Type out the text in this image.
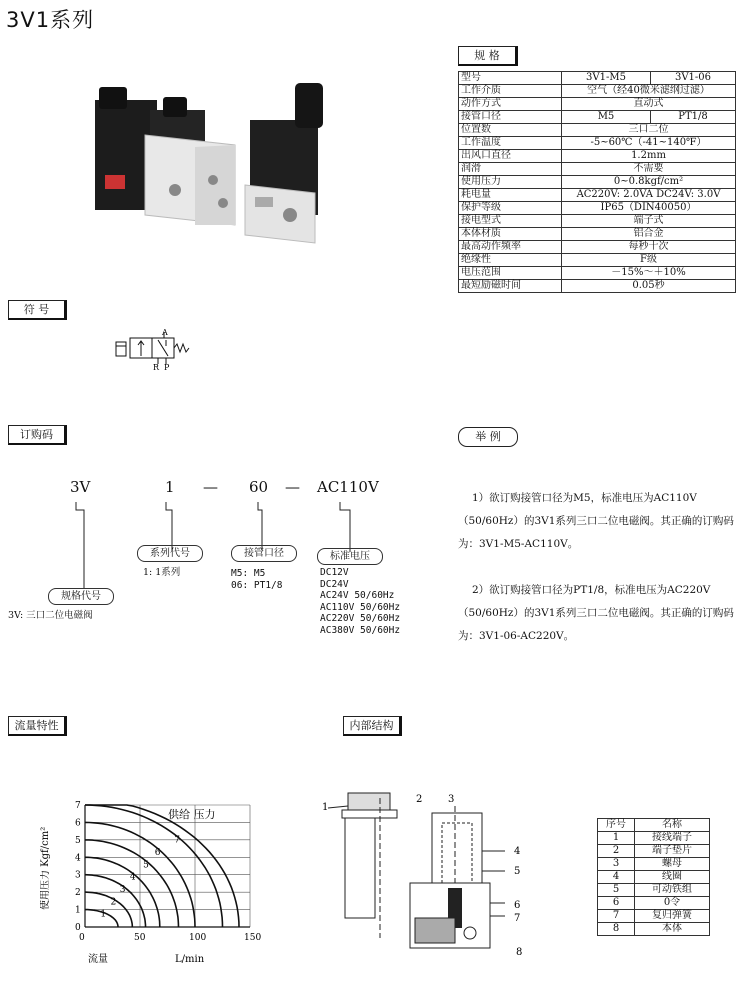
3V1系列
规 格
型号	3V1-M5	3V1-06
工作介质	空气（经40微米滤纲过滤）	
动作方式	直动式	
接管口径	M5	PT1/8
位置数	三口二位	
工作温度	-5~60℃（-41~140℉）	
出风口直径	1.2mm	
润滑	不需要	
使用压力	0~0.8kgf/cm²	
耗电量	AC220V: 2.0VA DC24V: 3.0V	
保护等级	IP65（DIN40050）	
接电型式	端子式	
本体材质	铝合金	
最高动作频率	每秒十次	
绝缘性	F级	
电压范围	－15%～＋10%	
最短励磁时间	0.05秒	
符 号
A
R P
订购码
3V	1 — 60 — AC110V
规格代号
3V: 三口二位电磁阀
系列代号
1: 1系列
接管口径
M5: M5
06: PT1/8
标准电压
DC12V
DC24V
AC24V 50/60Hz
AC110V 50/60Hz
AC220V 50/60Hz
AC380V 50/60Hz
举 例

1）欲订购接管口径为M5，标准电压为AC110V（50/60Hz）的3V1系列三口二位电磁阀。其正确的订购码为：3V1-M5-AC110V。

2）欲订购接管口径为PT1/8，标准电压为AC220V（50/60Hz）的3V1系列三口二位电磁阀。其正确的订购码为：3V1-06-AC220V。

流量特性
使用压力 Kgf/cm²
供给 压力
流量	L/min
0
1
2
3
4
5
6
7
0	50	100	150
1
2
3
4
5
6
7
内部结构
1
2	3
4
5
6
7
8
序号	名称
1	接线端子
2	端子垫片
3	螺母
4	线圈
5	可动铁组
6	0令
7	复归弹簧
8	本体
